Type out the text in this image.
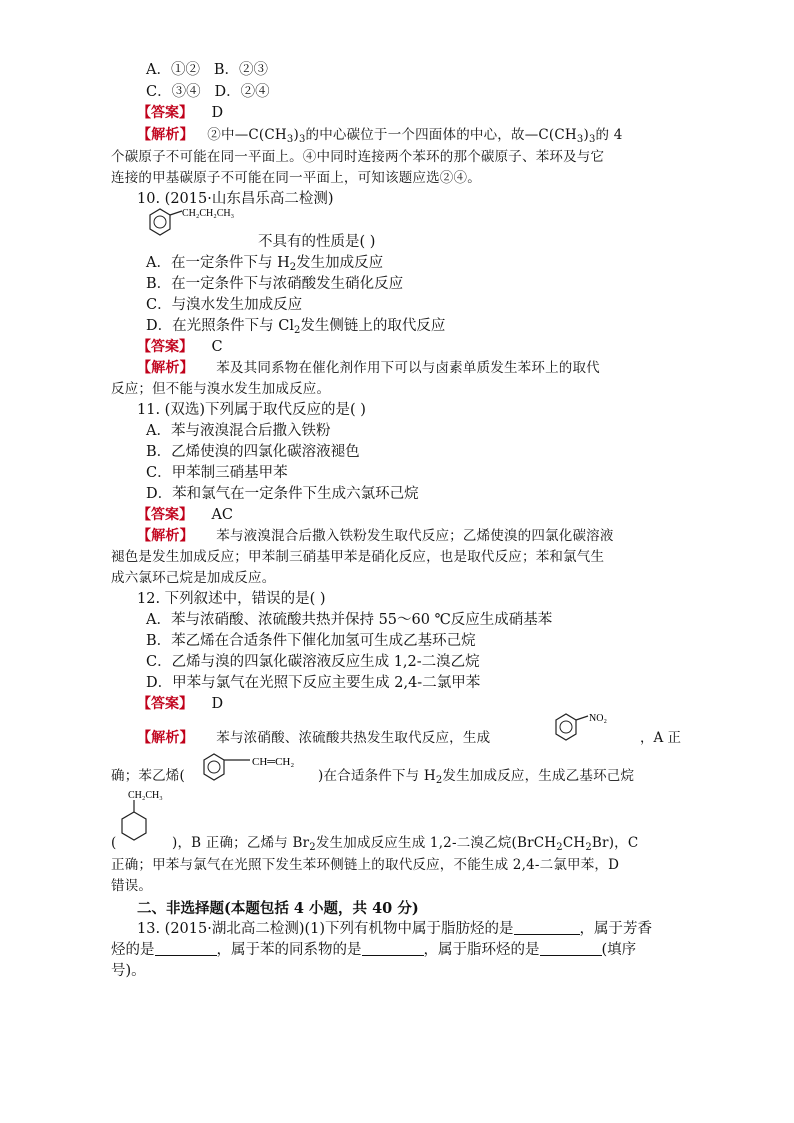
A．①② B．②③
C．③④ D．②④
【答案】 D
【解析】 ②中$—C(CH_3)_3$的中心碳位于一个四面体的中心，故$—C(CH_3)_3$的 4
个碳原子不可能在同一平面上。④中同时连接两个苯环的那个碳原子、苯环及与它
连接的甲基碳原子不可能在同一平面上，可知该题应选②④。
10. (2015·山东昌乐高二检测)
CH₂CH₂CH₃
不具有的性质是( )
A．在一定条件下与 $H_2$发生加成反应
B．在一定条件下与浓硝酸发生硝化反应
C．与溴水发生加成反应
D．在光照条件下与 $Cl_2$发生侧链上的取代反应
【答案】 C
【解析】 苯及其同系物在催化剂作用下可以与卤素单质发生苯环上的取代
反应；但不能与溴水发生加成反应。
11. (双选)下列属于取代反应的是( )
A．苯与液溴混合后撒入铁粉
B．乙烯使溴的四氯化碳溶液褪色
C．甲苯制三硝基甲苯
D．苯和氯气在一定条件下生成六氯环己烷
【答案】 AC
【解析】 苯与液溴混合后撒入铁粉发生取代反应；乙烯使溴的四氯化碳溶液
褪色是发生加成反应；甲苯制三硝基甲苯是硝化反应，也是取代反应；苯和氯气生
成六氯环己烷是加成反应。
12. 下列叙述中，错误的是( )
A．苯与浓硝酸、浓硫酸共热并保持 55～60 ℃反应生成硝基苯
B．苯乙烯在合适条件下催化加氢可生成乙基环己烷
C．乙烯与溴的四氯化碳溶液反应生成 1,2-二溴乙烷
D．甲苯与氯气在光照下反应主要生成 2,4-二氯甲苯
【答案】 D
【解析】 苯与浓硝酸、浓硫酸共热发生取代反应，生成
NO₂
，A 正
确；苯乙烯(
CH═CH₂
)在合适条件下与 $H_2$发生加成反应，生成乙基环己烷
CH₂CH₃
(	)，B 正确；乙烯与 $Br_2$发生加成反应生成 1,2-二溴乙烷$(BrCH_2CH_2Br)$，C
正确；甲苯与氯气在光照下发生苯环侧链上的取代反应，不能生成 2,4-二氯甲苯，D
错误。
二、非选择题(本题包括 4 小题，共 40 分)
13. (2015·湖北高二检测)(1)下列有机物中属于脂肪烃的是	，属于芳香
烃的是	，属于苯的同系物的是	，属于脂环烃的是	(填序
号)。
